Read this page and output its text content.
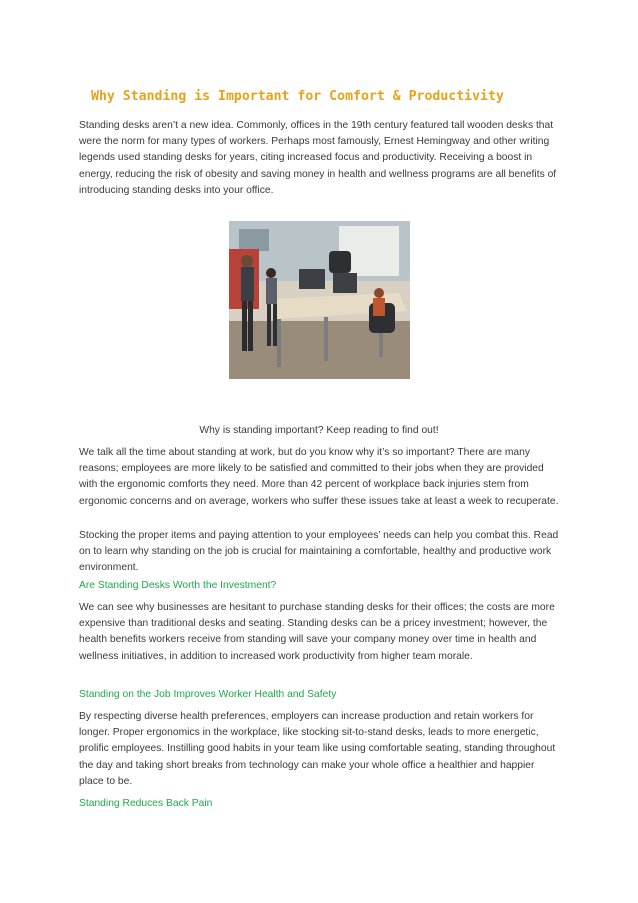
Why Standing is Important for Comfort & Productivity

Standing desks aren’t a new idea. Commonly, offices in the 19th century featured tall wooden desks that were the norm for many types of workers. Perhaps most famously, Ernest Hemingway and other writing legends used standing desks for years, citing increased focus and productivity. Receiving a boost in energy, reducing the risk of obesity and saving money in health and wellness programs are all benefits of introducing standing desks into your office.

Why is standing important? Keep reading to find out!

We talk all the time about standing at work, but do you know why it’s so important? There are many reasons; employees are more likely to be satisfied and committed to their jobs when they are provided with the ergonomic comforts they need. More than 42 percent of workplace back injuries stem from ergonomic concerns and on average, workers who suffer these issues take at least a week to recuperate.

Stocking the proper items and paying attention to your employees’ needs can help you combat this. Read on to learn why standing on the job is crucial for maintaining a comfortable, healthy and productive work environment.

Are Standing Desks Worth the Investment?

We can see why businesses are hesitant to purchase standing desks for their offices; the costs are more expensive than traditional desks and seating. Standing desks can be a pricey investment; however, the health benefits workers receive from standing will save your company money over time in health and wellness initiatives, in addition to increased work productivity from higher team morale.

Standing on the Job Improves Worker Health and Safety

By respecting diverse health preferences, employers can increase production and retain workers for longer. Proper ergonomics in the workplace, like stocking sit-to-stand desks, leads to more energetic, prolific employees. Instilling good habits in your team like using comfortable seating, standing throughout the day and taking short breaks from technology can make your whole office a healthier and happier place to be.

Standing Reduces Back Pain
